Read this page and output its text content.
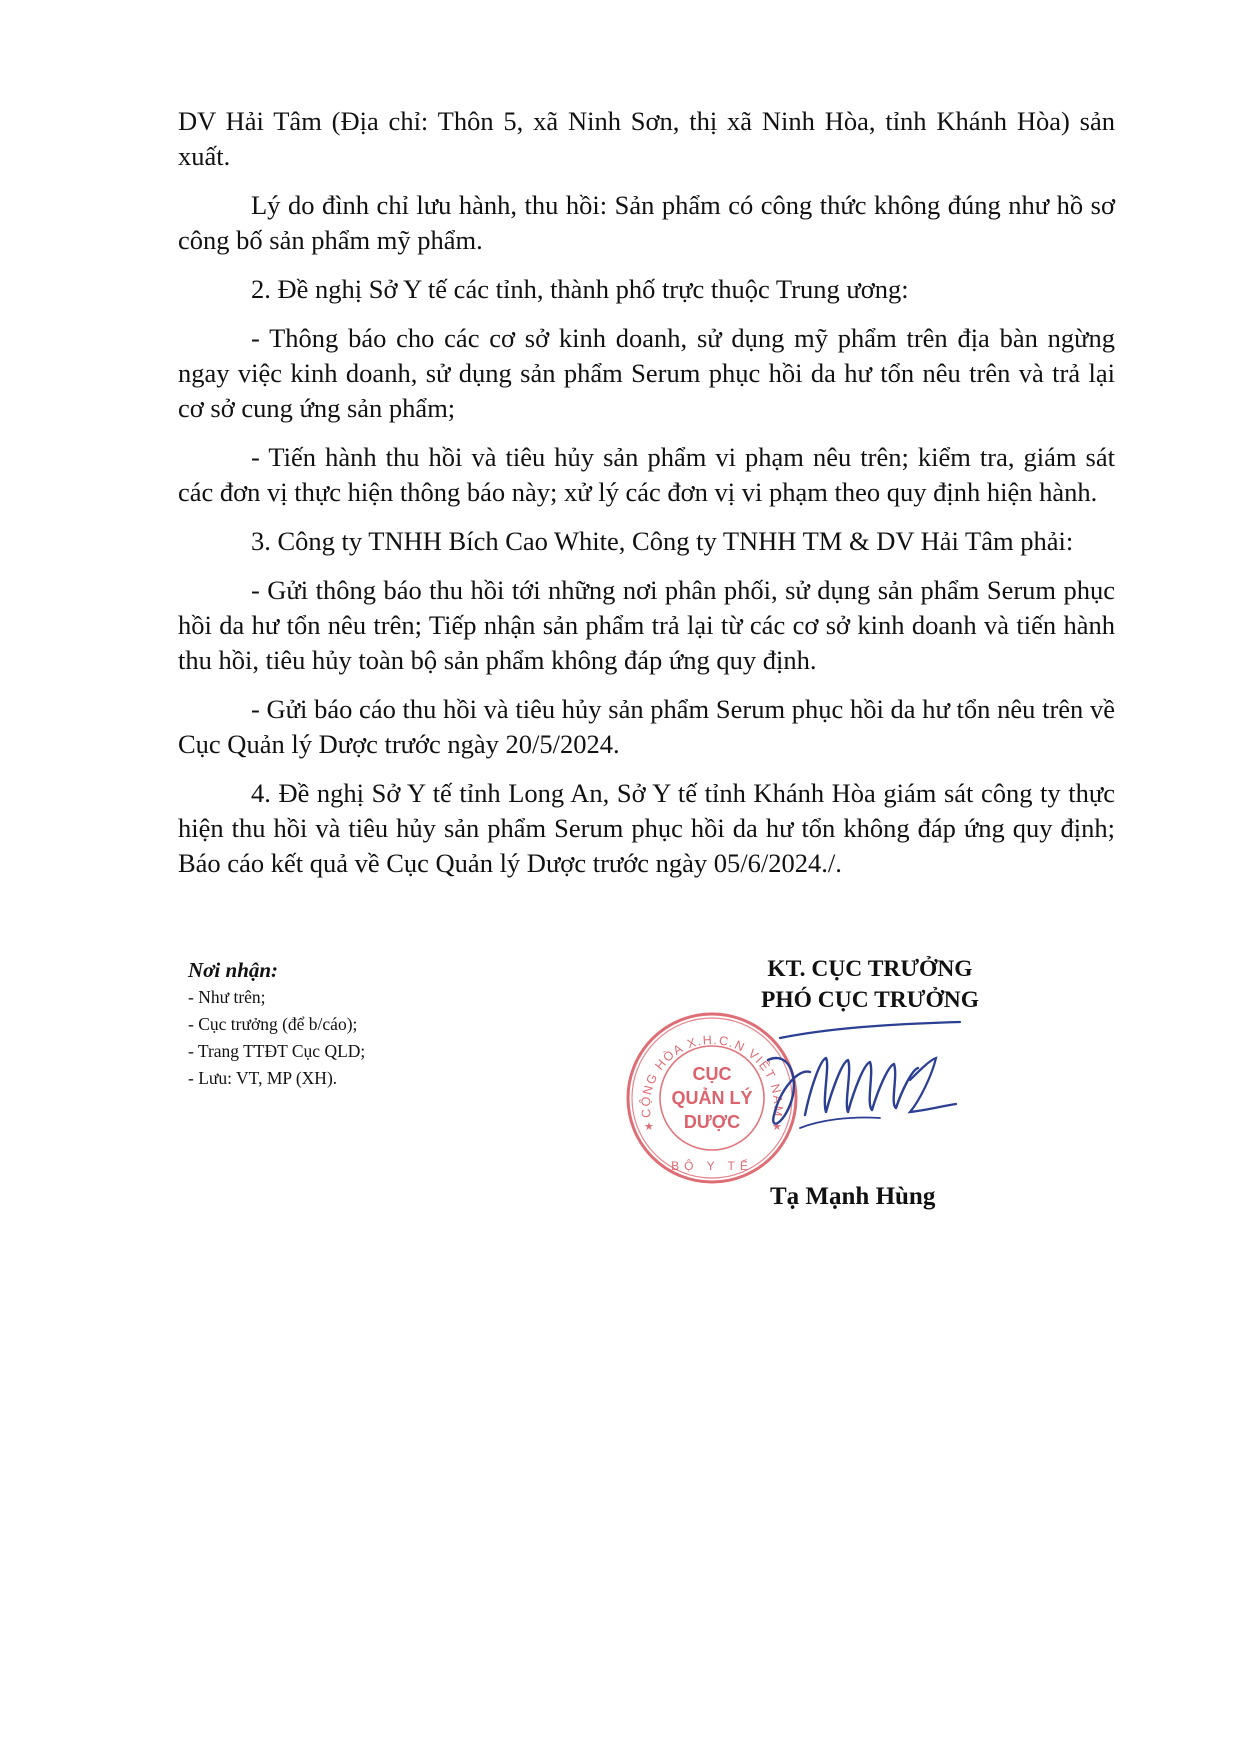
DV Hải Tâm (Địa chỉ: Thôn 5, xã Ninh Sơn, thị xã Ninh Hòa, tỉnh Khánh Hòa) sản xuất.

Lý do đình chỉ lưu hành, thu hồi: Sản phẩm có công thức không đúng như hồ sơ công bố sản phẩm mỹ phẩm.

2. Đề nghị Sở Y tế các tỉnh, thành phố trực thuộc Trung ương:

- Thông báo cho các cơ sở kinh doanh, sử dụng mỹ phẩm trên địa bàn ngừng ngay việc kinh doanh, sử dụng sản phẩm Serum phục hồi da hư tổn nêu trên và trả lại cơ sở cung ứng sản phẩm;

- Tiến hành thu hồi và tiêu hủy sản phẩm vi phạm nêu trên; kiểm tra, giám sát các đơn vị thực hiện thông báo này; xử lý các đơn vị vi phạm theo quy định hiện hành.

3. Công ty TNHH Bích Cao White, Công ty TNHH TM & DV Hải Tâm phải:

- Gửi thông báo thu hồi tới những nơi phân phối, sử dụng sản phẩm Serum phục hồi da hư tổn nêu trên; Tiếp nhận sản phẩm trả lại từ các cơ sở kinh doanh và tiến hành thu hồi, tiêu hủy toàn bộ sản phẩm không đáp ứng quy định.

- Gửi báo cáo thu hồi và tiêu hủy sản phẩm Serum phục hồi da hư tổn nêu trên về Cục Quản lý Dược trước ngày 20/5/2024.

4. Đề nghị Sở Y tế tỉnh Long An, Sở Y tế tỉnh Khánh Hòa giám sát công ty thực hiện thu hồi và tiêu hủy sản phẩm Serum phục hồi da hư tổn không đáp ứng quy định; Báo cáo kết quả về Cục Quản lý Dược trước ngày 05/6/2024./.

Nơi nhận:
- Như trên;
- Cục trưởng (để b/cáo);
- Trang TTĐT Cục QLD;
- Lưu: VT, MP (XH).
KT. CỤC TRƯỞNG
PHÓ CỤC TRƯỞNG
CỘNG HÒA X.H.C.N VIỆT NAM
BỘ Y TẾ
★	★
CỤC
QUẢN LÝ
DƯỢC
Tạ Mạnh Hùng
